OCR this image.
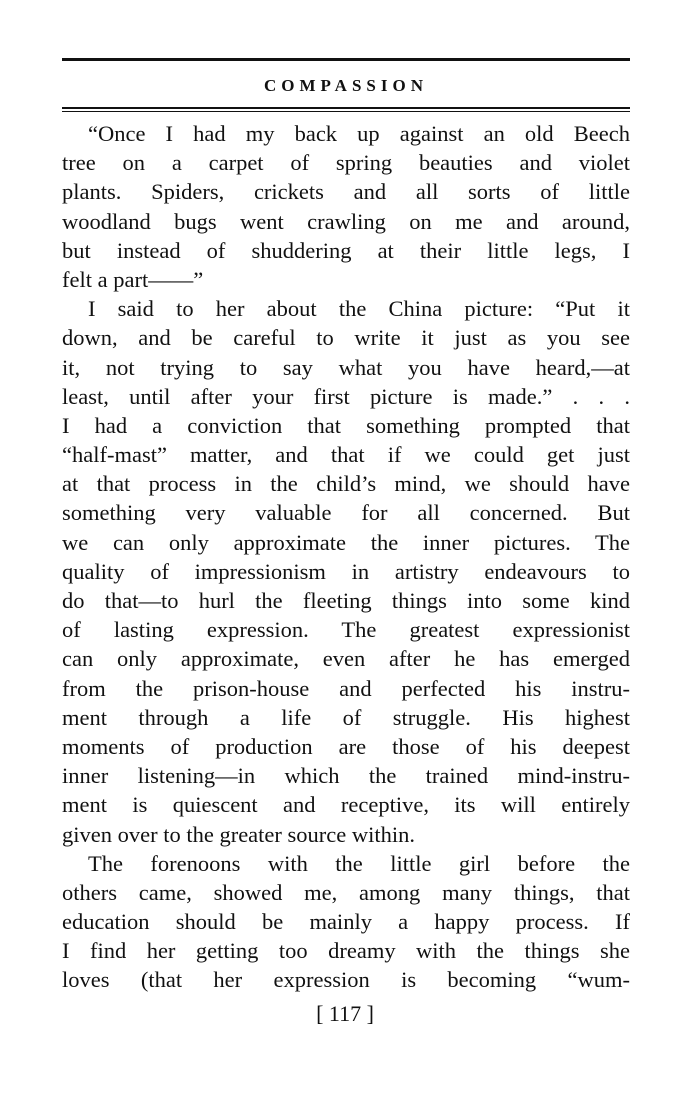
COMPASSION
“Once I had my back up against an old Beech
tree on a carpet of spring beauties and violet
plants. Spiders, crickets and all sorts of little
woodland bugs went crawling on me and around,
but instead of shuddering at their little legs, I
felt a part——”
I said to her about the China picture: “Put it
down, and be careful to write it just as you see
it, not trying to say what you have heard,—at
least, until after your first picture is made.” . . .
I had a conviction that something prompted that
“half-mast” matter, and that if we could get just
at that process in the child’s mind, we should have
something very valuable for all concerned. But
we can only approximate the inner pictures. The
quality of impressionism in artistry endeavours to
do that—to hurl the fleeting things into some kind
of lasting expression. The greatest expressionist
can only approximate, even after he has emerged
from the prison-house and perfected his instru-
ment through a life of struggle. His highest
moments of production are those of his deepest
inner listening—in which the trained mind-instru-
ment is quiescent and receptive, its will entirely
given over to the greater source within.
The forenoons with the little girl before the
others came, showed me, among many things, that
education should be mainly a happy process. If
I find her getting too dreamy with the things she
loves (that her expression is becoming “wum-
[ 117 ]
